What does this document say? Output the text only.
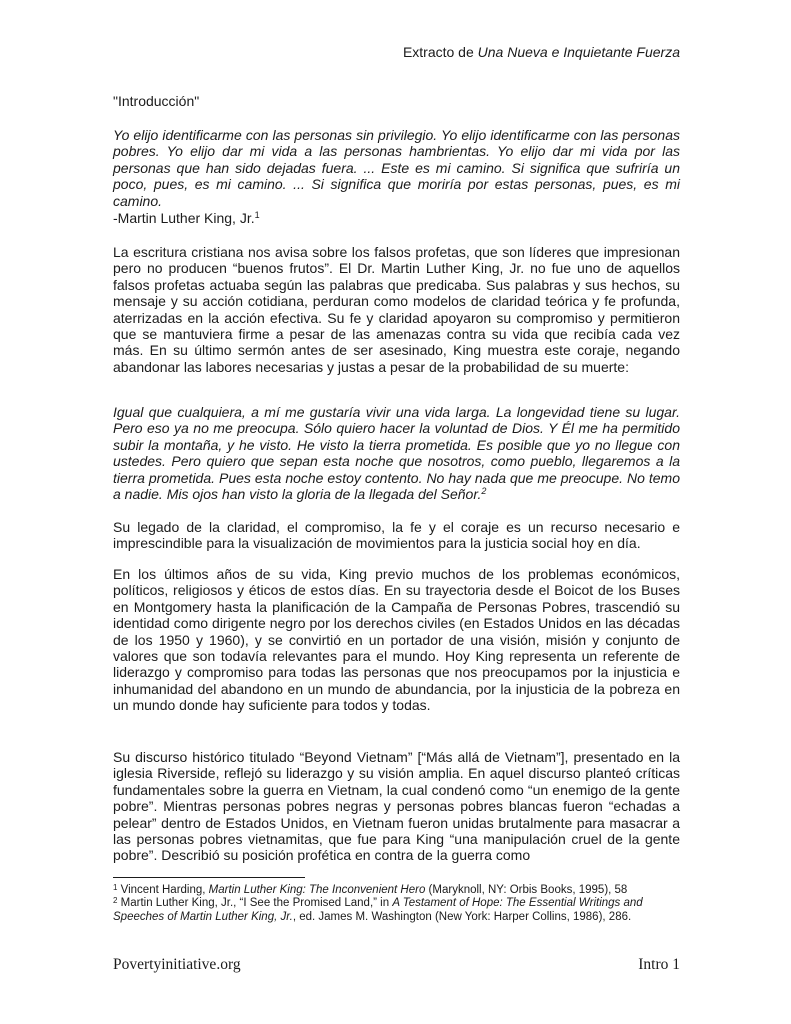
Extracto de Una Nueva e Inquietante Fuerza
"Introducción"

Yo elijo identificarme con las personas sin privilegio. Yo elijo identificarme con las personas pobres. Yo elijo dar mi vida a las personas hambrientas. Yo elijo dar mi vida por las personas que han sido dejadas fuera. ... Este es mi camino. Si significa que sufriría un poco, pues, es mi camino. ... Si significa que moriría por estas personas, pues, es mi camino.

-Martin Luther King, Jr.$^1$

La escritura cristiana nos avisa sobre los falsos profetas, que son líderes que impresionan pero no producen “buenos frutos”. El Dr. Martin Luther King, Jr. no fue uno de aquellos falsos profetas actuaba según las palabras que predicaba. Sus palabras y sus hechos, su mensaje y su acción cotidiana, perduran como modelos de claridad teórica y fe profunda, aterrizadas en la acción efectiva. Su fe y claridad apoyaron su compromiso y permitieron que se mantuviera firme a pesar de las amenazas contra su vida que recibía cada vez más. En su último sermón antes de ser asesinado, King muestra este coraje, negando abandonar las labores necesarias y justas a pesar de la probabilidad de su muerte:

Igual que cualquiera, a mí me gustaría vivir una vida larga. La longevidad tiene su lugar. Pero eso ya no me preocupa. Sólo quiero hacer la voluntad de Dios. Y Él me ha permitido subir la montaña, y he visto. He visto la tierra prometida. Es posible que yo no llegue con ustedes. Pero quiero que sepan esta noche que nosotros, como pueblo, llegaremos a la tierra prometida. Pues esta noche estoy contento. No hay nada que me preocupe. No temo a nadie. Mis ojos han visto la gloria de la llegada del Señor.$^2$

Su legado de la claridad, el compromiso, la fe y el coraje es un recurso necesario e imprescindible para la visualización de movimientos para la justicia social hoy en día.

En los últimos años de su vida, King previo muchos de los problemas económicos, políticos, religiosos y éticos de estos días. En su trayectoria desde el Boicot de los Buses en Montgomery hasta la planificación de la Campaña de Personas Pobres, trascendió su identidad como dirigente negro por los derechos civiles (en Estados Unidos en las décadas de los 1950 y 1960), y se convirtió en un portador de una visión, misión y conjunto de valores que son todavía relevantes para el mundo. Hoy King representa un referente de liderazgo y compromiso para todas las personas que nos preocupamos por la injusticia e inhumanidad del abandono en un mundo de abundancia, por la injusticia de la pobreza en un mundo donde hay suficiente para todos y todas.

Su discurso histórico titulado “Beyond Vietnam” [“Más allá de Vietnam”], presentado en la iglesia Riverside, reflejó su liderazgo y su visión amplia. En aquel discurso planteó críticas fundamentales sobre la guerra en Vietnam, la cual condenó como “un enemigo de la gente pobre”. Mientras personas pobres negras y personas pobres blancas fueron “echadas a pelear” dentro de Estados Unidos, en Vietnam fueron unidas brutalmente para masacrar a las personas pobres vietnamitas, que fue para King “una manipulación cruel de la gente pobre”. Describió su posición profética en contra de la guerra como

$^1$ Vincent Harding, Martin Luther King: The Inconvenient Hero (Maryknoll, NY: Orbis Books, 1995), 58

$^2$ Martin Luther King, Jr., “I See the Promised Land,” in A Testament of Hope: The Essential Writings and Speeches of Martin Luther King, Jr., ed. James M. Washington (New York: Harper Collins, 1986), 286.

Povertyinitiative.org	Intro 1
